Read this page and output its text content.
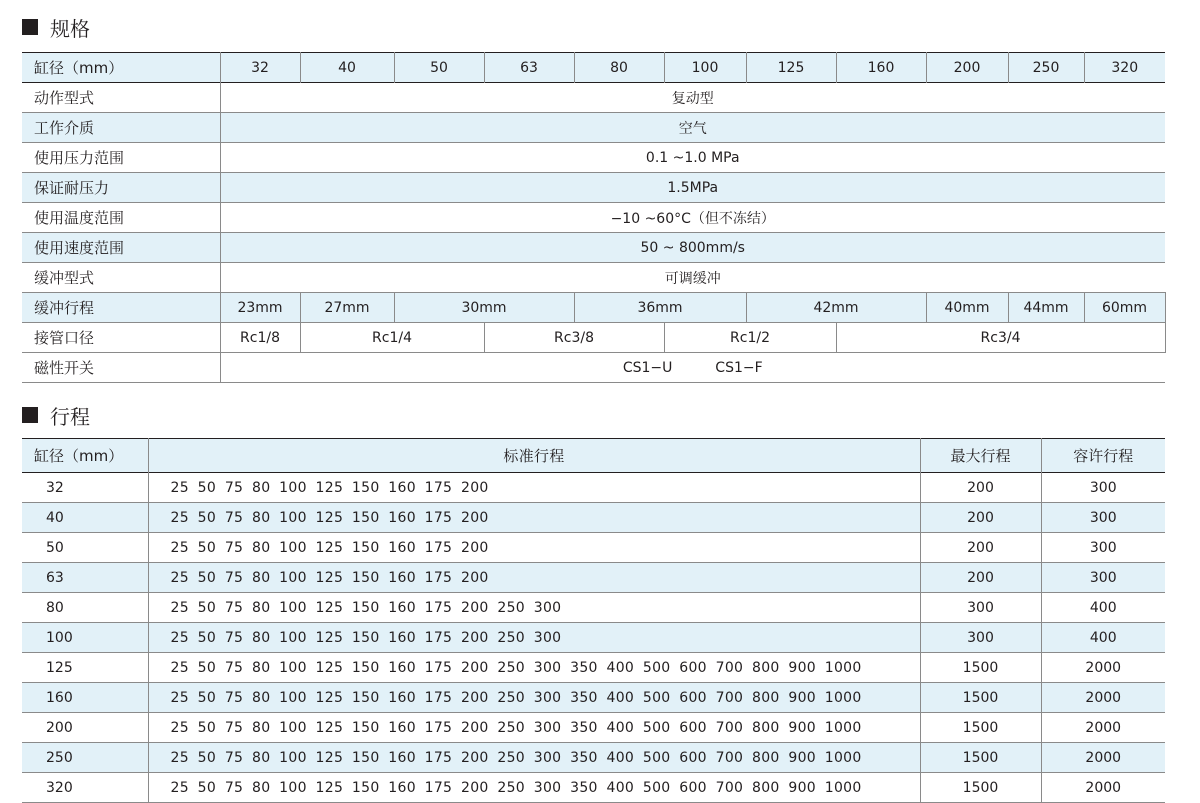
规格
缸径（mm）	32	40	50	63	80	100	125	160	200	250	320	
动作型式	复动型											
工作介质	空气											
使用压力范围	0.1 ~1.0 MPa											
保证耐压力	1.5MPa											
使用温度范围	−10 ~60°C（但不冻结）											
使用速度范围	50 ~ 800mm/s											
缓冲型式	可调缓冲											
缓冲行程	23mm	27mm	30mm		36mm		42mm		40mm	44mm	60mm	
接管口径	Rc1/8	Rc1/4		Rc3/8		Rc1/2		Rc3/4	
磁性开关	CS1−U CS1−F											
行程
缸径（mm）	标准行程	最大行程	容许行程
32	25 50 75 80 100 125 150 160 175 200	200	300
40	25 50 75 80 100 125 150 160 175 200	200	300
50	25 50 75 80 100 125 150 160 175 200	200	300
63	25 50 75 80 100 125 150 160 175 200	200	300
80	25 50 75 80 100 125 150 160 175 200 250 300	300	400
100	25 50 75 80 100 125 150 160 175 200 250 300	300	400
125	25 50 75 80 100 125 150 160 175 200 250 300 350 400 500 600 700 800 900 1000	1500	2000
160	25 50 75 80 100 125 150 160 175 200 250 300 350 400 500 600 700 800 900 1000	1500	2000
200	25 50 75 80 100 125 150 160 175 200 250 300 350 400 500 600 700 800 900 1000	1500	2000
250	25 50 75 80 100 125 150 160 175 200 250 300 350 400 500 600 700 800 900 1000	1500	2000
320	25 50 75 80 100 125 150 160 175 200 250 300 350 400 500 600 700 800 900 1000	1500	2000
